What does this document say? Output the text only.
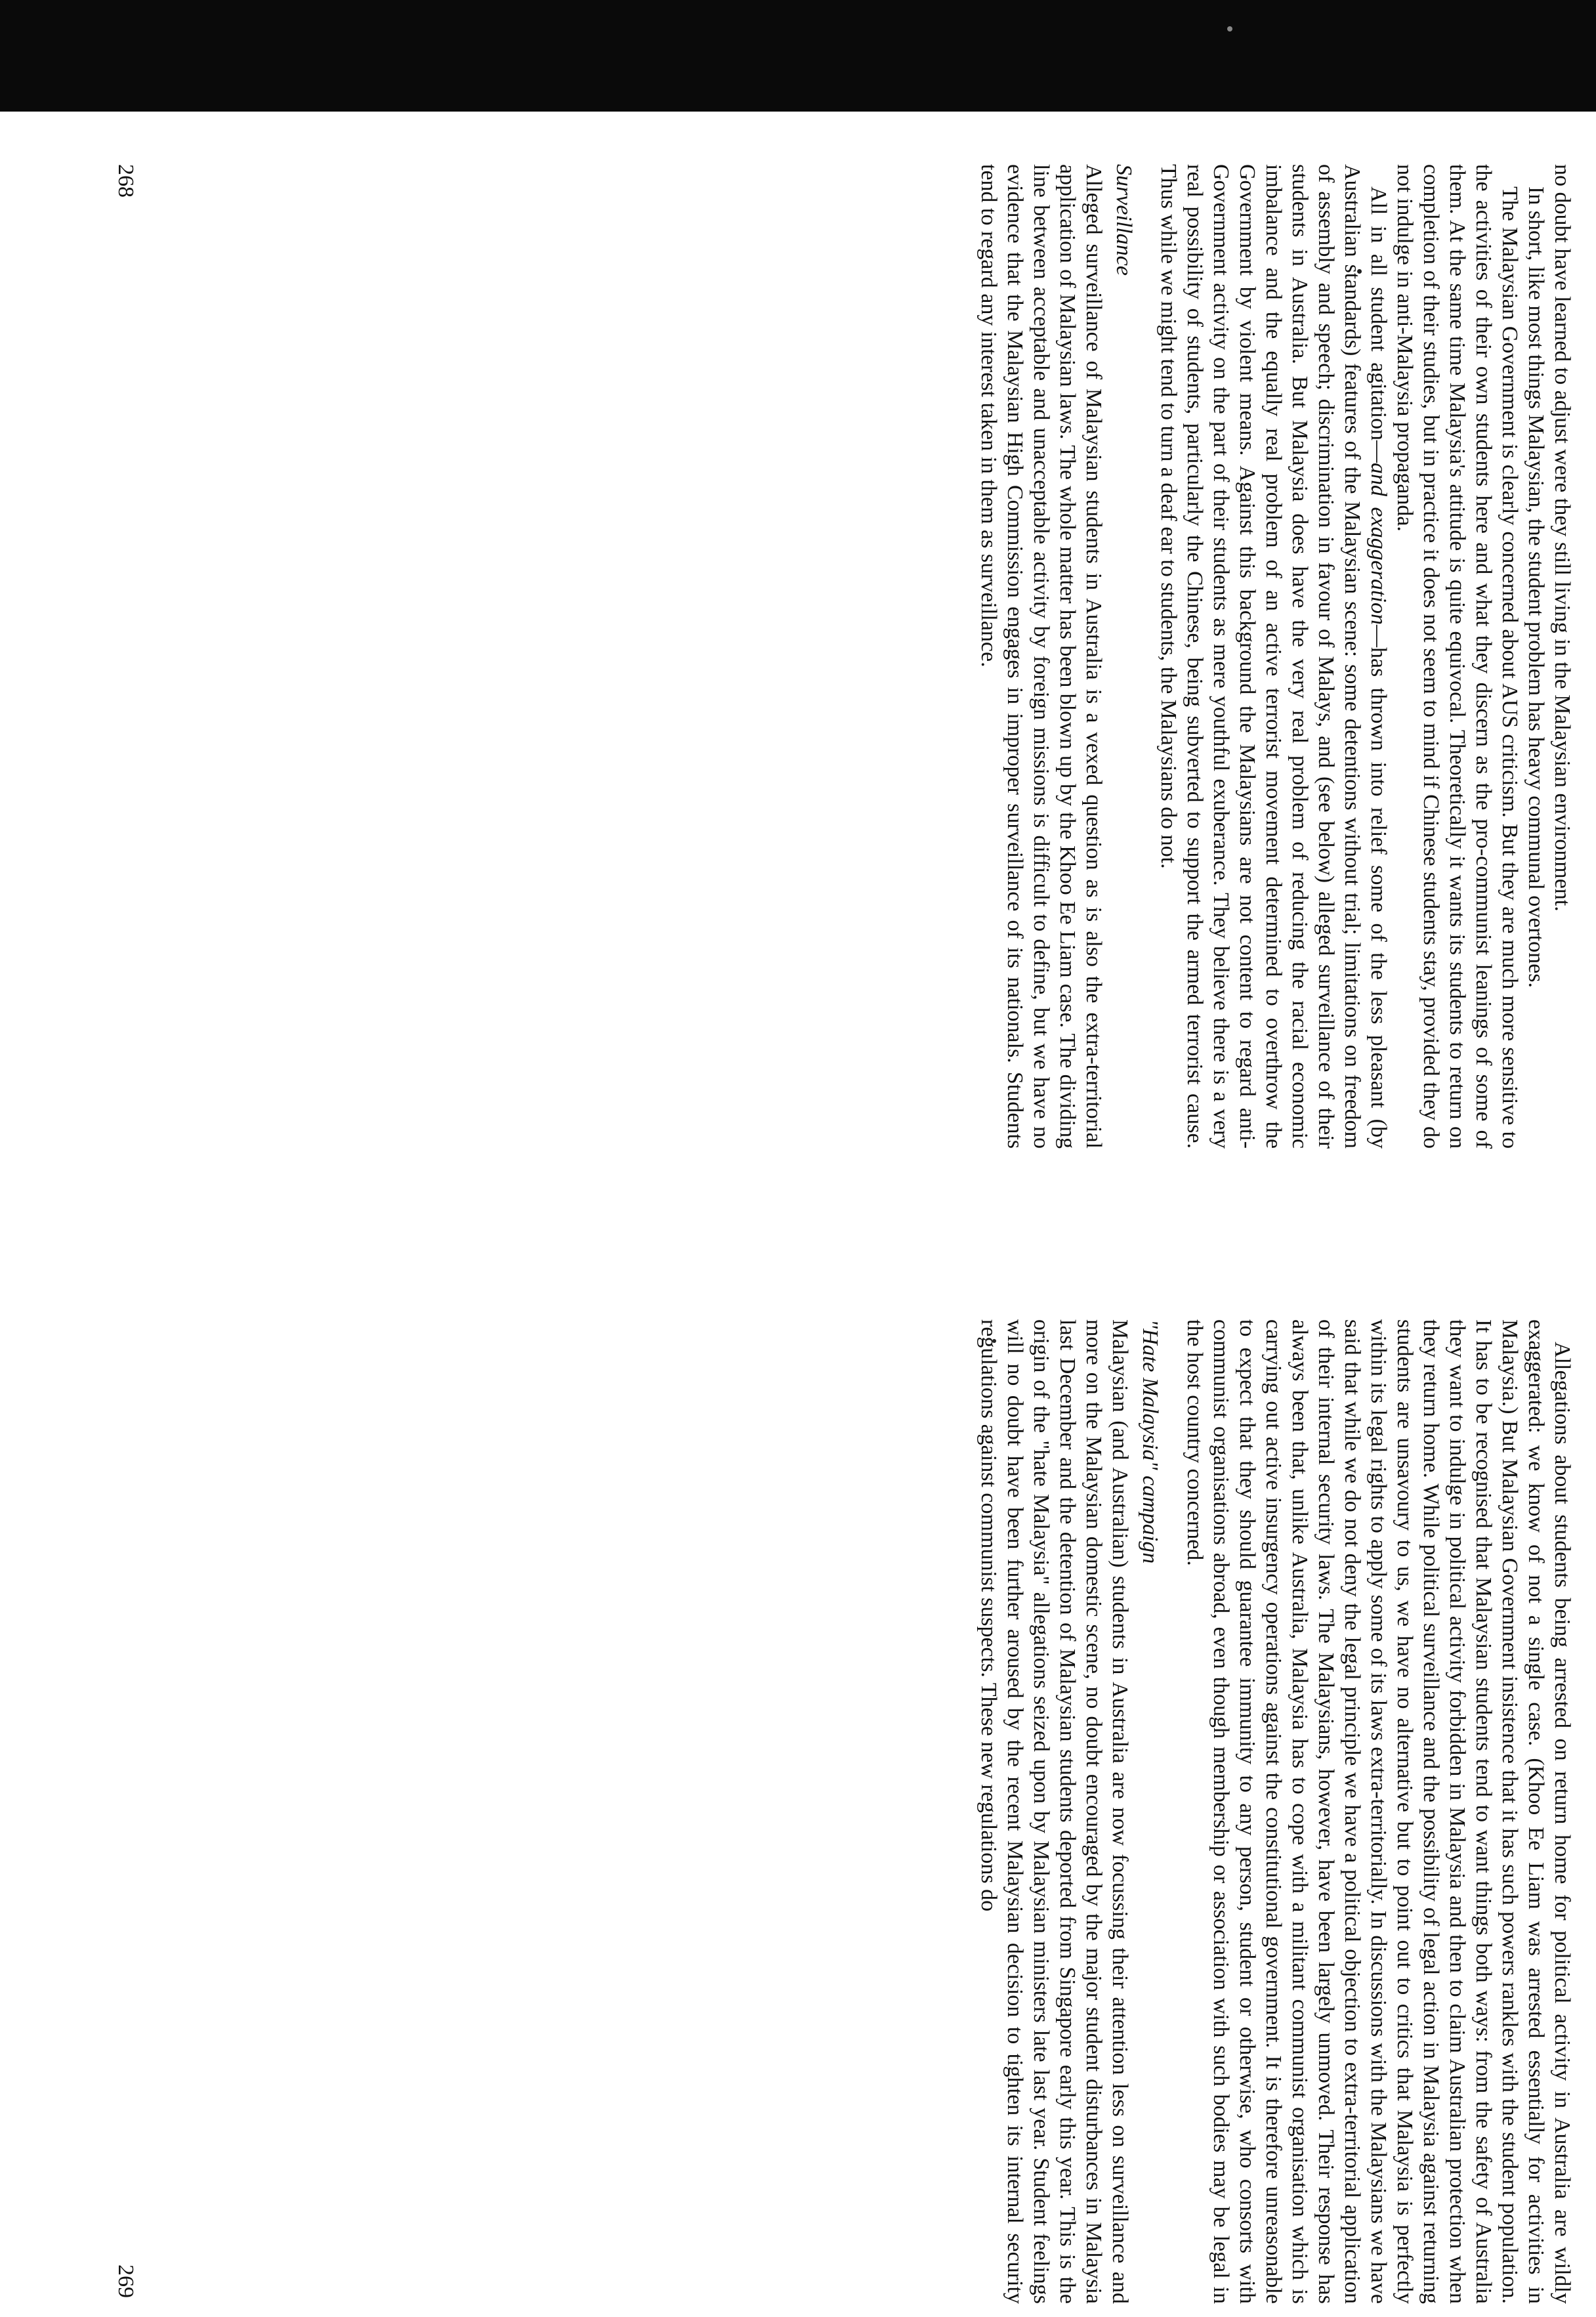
no doubt have learned to adjust were they still living in the Malaysian environment.

In short, like most things Malaysian, the student problem has heavy communal overtones.

The Malaysian Government is clearly concerned about AUS criticism. But they are much more sensitive to the activities of their own students here and what they discern as the pro-communist leanings of some of them. At the same time Malaysia's attitude is quite equivocal. Theoretically it wants its students to return on completion of their studies, but in practice it does not seem to mind if Chinese students stay, provided they do not indulge in anti-Malaysia propaganda.

All in all student agitation—and exaggeration—has thrown into relief some of the less pleasant (by Australian standards) features of the Malaysian scene: some detentions without trial; limitations on freedom of assembly and speech; discrimination in favour of Malays, and (see below) alleged surveillance of their students in Australia. But Malaysia does have the very real problem of reducing the racial economic imbalance and the equally real problem of an active terrorist movement determined to overthrow the Government by violent means. Against this background the Malaysians are not content to regard anti-Government activity on the part of their students as mere youthful exuberance. They believe there is a very real possibility of students, particularly the Chinese, being subverted to support the armed terrorist cause. Thus while we might tend to turn a deaf ear to students, the Malaysians do not.

Surveillance

Alleged surveillance of Malaysian students in Australia is a vexed question as is also the extra-territorial application of Malaysian laws. The whole matter has been blown up by the Khoo Ee Liam case. The dividing line between acceptable and unacceptable activity by foreign missions is difficult to define, but we have no evidence that the Malaysian High Commission engages in improper surveillance of its nationals. Students tend to regard any interest taken in them as surveillance.

268

Allegations about students being arrested on return home for political activity in Australia are wildly exaggerated: we know of not a single case. (Khoo Ee Liam was arrested essentially for activities in Malaysia.) But Malaysian Government insistence that it has such powers rankles with the student population. It has to be recognised that Malaysian students tend to want things both ways: from the safety of Australia they want to indulge in political activity forbidden in Malaysia and then to claim Australian protection when they return home. While political surveillance and the possibility of legal action in Malaysia against returning students are unsavoury to us, we have no alternative but to point out to critics that Malaysia is perfectly within its legal rights to apply some of its laws extra-territorially. In discussions with the Malaysians we have said that while we do not deny the legal principle we have a political objection to extra-territorial application of their internal security laws. The Malaysians, however, have been largely unmoved. Their response has always been that, unlike Australia, Malaysia has to cope with a militant communist organisation which is carrying out active insurgency operations against the constitutional government. It is therefore unreasonable to expect that they should guarantee immunity to any person, student or otherwise, who consorts with communist organisations abroad, even though membership or association with such bodies may be legal in the host country concerned.

"Hate Malaysia" campaign

Malaysian (and Australian) students in Australia are now focussing their attention less on surveillance and more on the Malaysian domestic scene, no doubt encouraged by the major student disturbances in Malaysia last December and the detention of Malaysian students deported from Singapore early this year. This is the origin of the "hate Malaysia" allegations seized upon by Malaysian ministers late last year. Student feelings will no doubt have been further aroused by the recent Malaysian decision to tighten its internal security regulations against communist suspects. These new regulations do

269
